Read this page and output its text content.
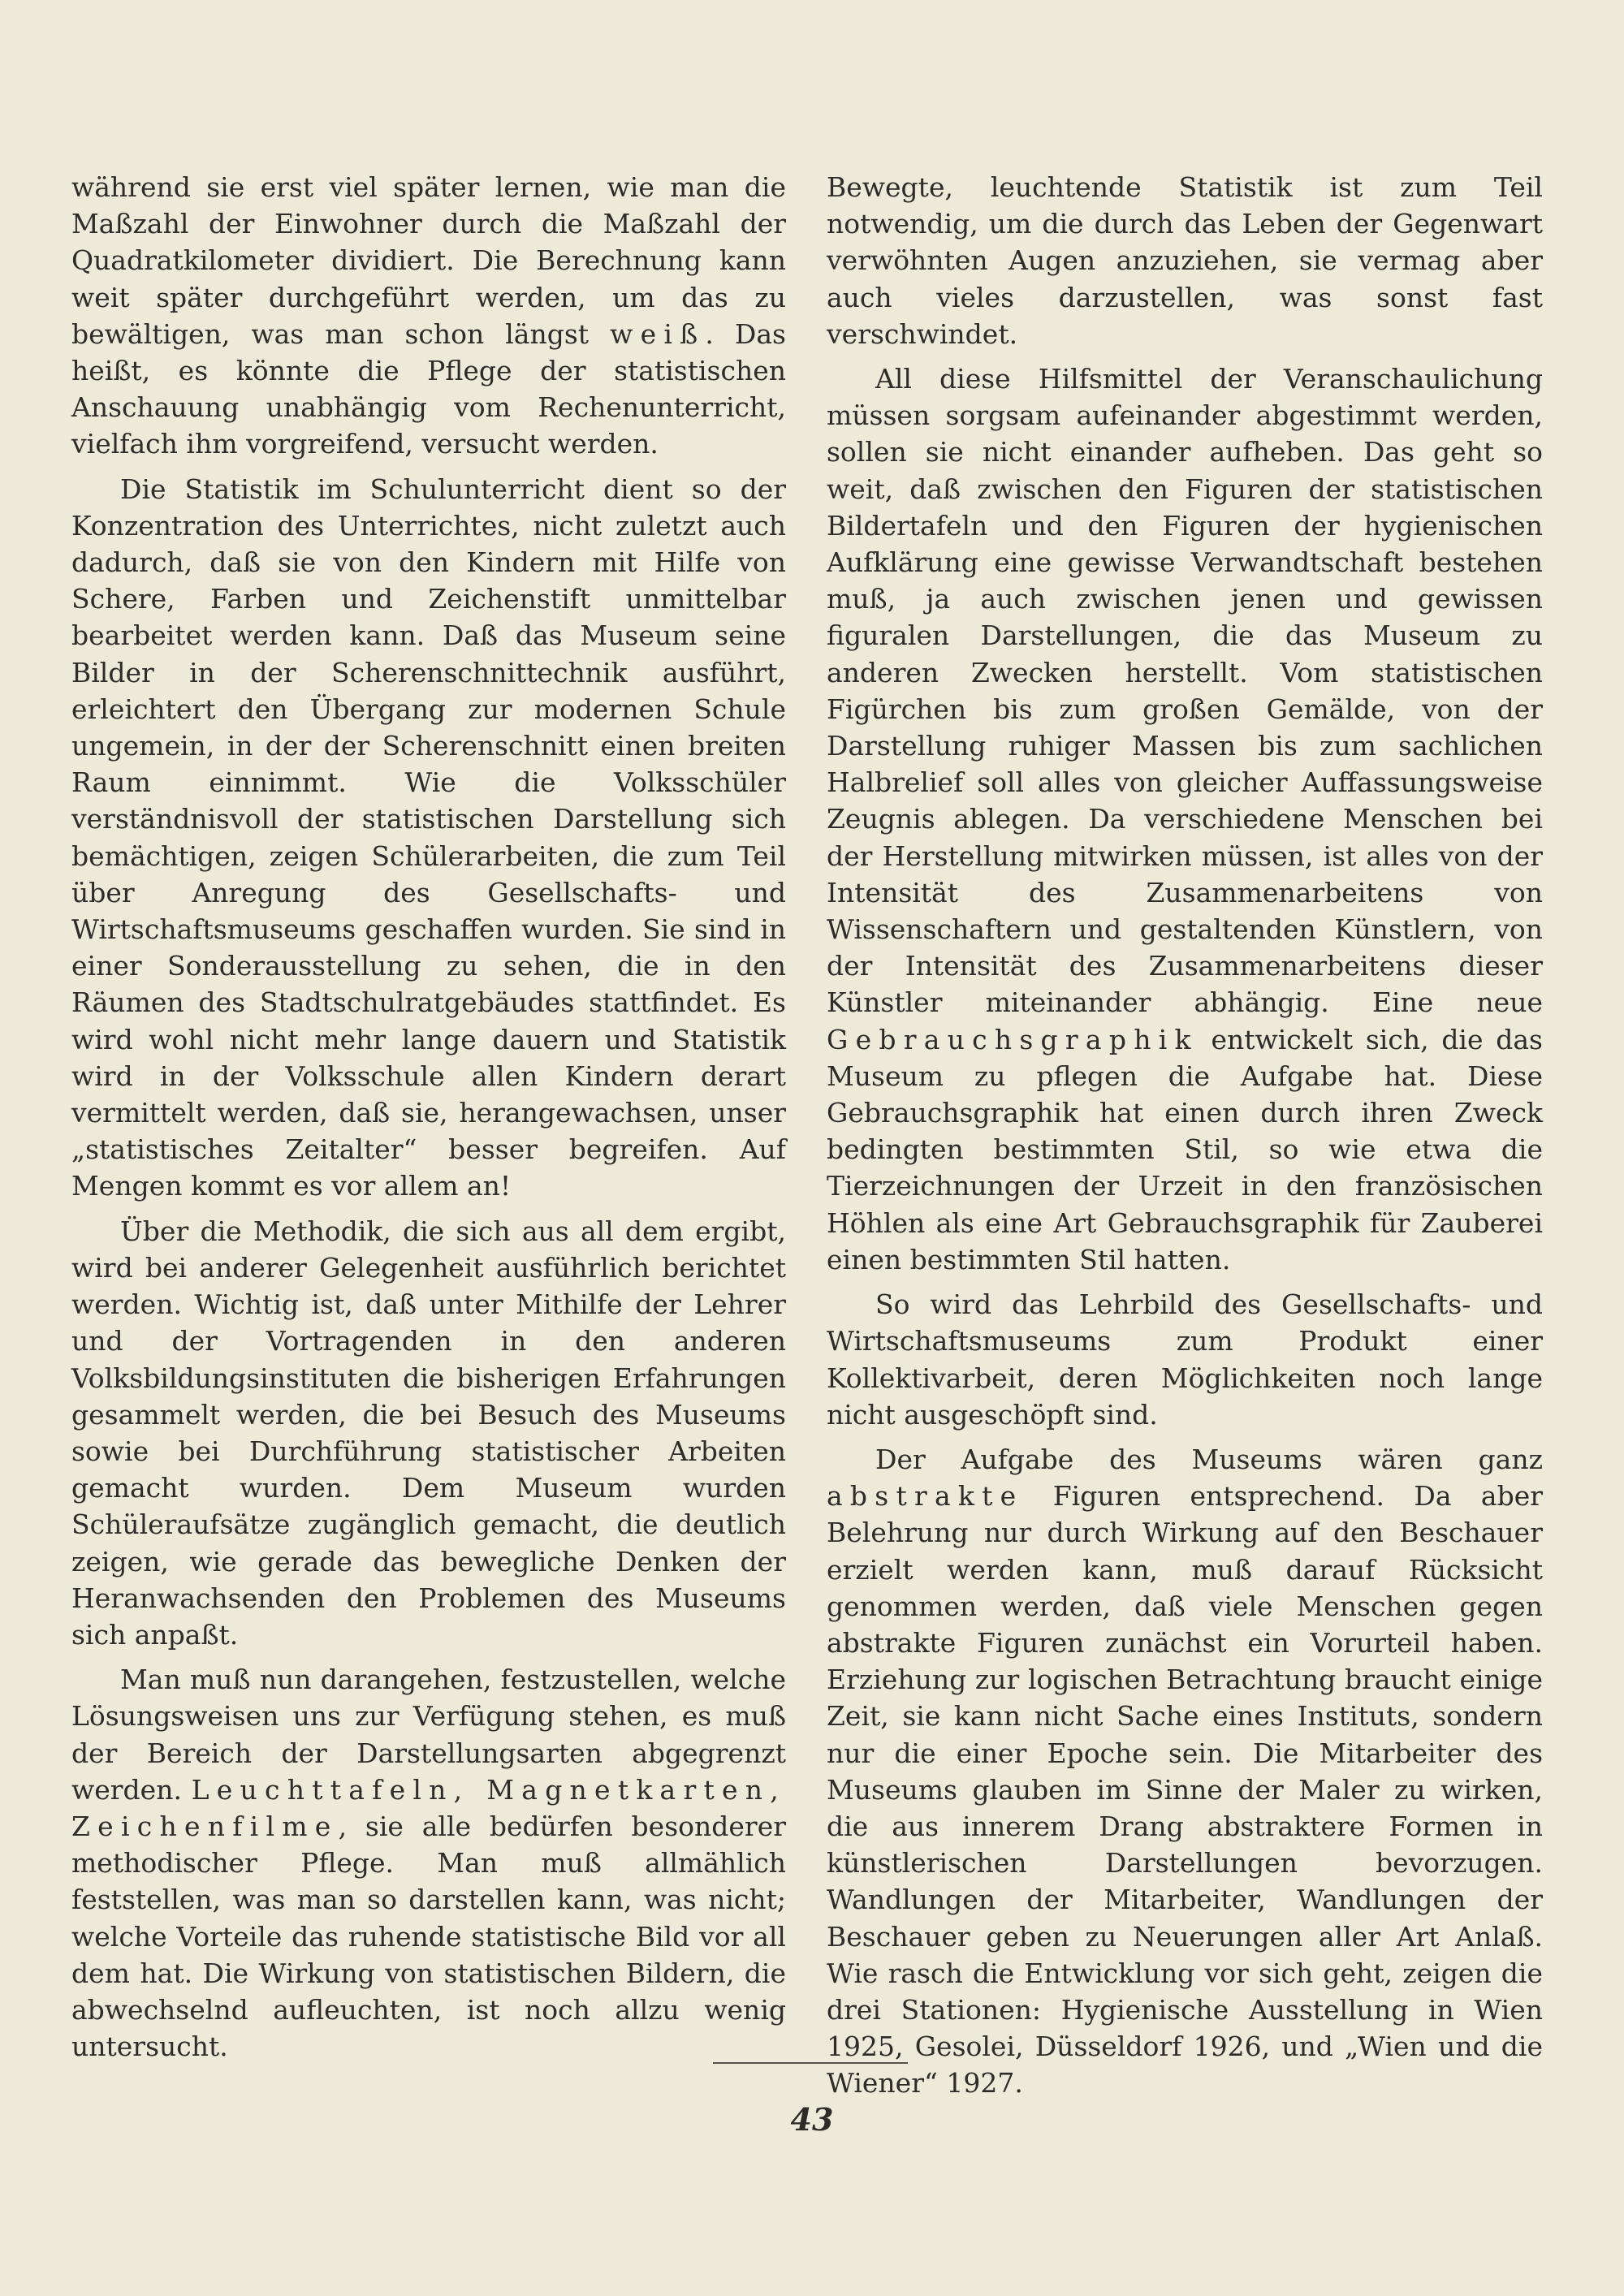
während sie erst viel später lernen, wie man die Maßzahl der Einwohner durch die Maßzahl der Quadratkilometer dividiert. Die Berechnung kann weit später durchgeführt werden, um das zu bewältigen, was man schon längst weiß. Das heißt, es könnte die Pflege der statistischen Anschauung unabhängig vom Rechenunterricht, vielfach ihm vorgreifend, versucht werden.

Die Statistik im Schulunterricht dient so der Konzentration des Unterrichtes, nicht zuletzt auch dadurch, daß sie von den Kindern mit Hilfe von Schere, Farben und Zeichenstift unmittelbar bearbeitet werden kann. Daß das Museum seine Bilder in der Scherenschnittechnik ausführt, erleichtert den Übergang zur modernen Schule ungemein, in der der Scherenschnitt einen breiten Raum einnimmt. Wie die Volksschüler verständnisvoll der statistischen Darstellung sich bemächtigen, zeigen Schülerarbeiten, die zum Teil über Anregung des Gesellschafts- und Wirtschaftsmuseums geschaffen wurden. Sie sind in einer Sonderausstellung zu sehen, die in den Räumen des Stadtschulratgebäudes stattfindet. Es wird wohl nicht mehr lange dauern und Statistik wird in der Volksschule allen Kindern derart vermittelt werden, daß sie, herangewachsen, unser „statistisches Zeitalter“ besser begreifen. Auf Mengen kommt es vor allem an!

Über die Methodik, die sich aus all dem ergibt, wird bei anderer Gelegenheit ausführlich berichtet werden. Wichtig ist, daß unter Mithilfe der Lehrer und der Vortragenden in den anderen Volksbildungsinstituten die bisherigen Erfahrungen gesammelt werden, die bei Besuch des Museums sowie bei Durchführung statistischer Arbeiten gemacht wurden. Dem Museum wurden Schüleraufsätze zugänglich gemacht, die deutlich zeigen, wie gerade das bewegliche Denken der Heranwachsenden den Problemen des Museums sich anpaßt.

Man muß nun darangehen, festzustellen, welche Lösungsweisen uns zur Verfügung stehen, es muß der Bereich der Darstellungsarten abgegrenzt werden. Leuchttafeln, Magnetkarten, Zeichenfilme, sie alle bedürfen besonderer methodischer Pflege. Man muß allmählich feststellen, was man so darstellen kann, was nicht; welche Vorteile das ruhende statistische Bild vor all dem hat. Die Wirkung von statistischen Bildern, die abwechselnd aufleuchten, ist noch allzu wenig untersucht.

Bewegte, leuchtende Statistik ist zum Teil notwendig, um die durch das Leben der Gegenwart verwöhnten Augen anzuziehen, sie vermag aber auch vieles darzustellen, was sonst fast verschwindet.

All diese Hilfsmittel der Veranschaulichung müssen sorgsam aufeinander abgestimmt werden, sollen sie nicht einander aufheben. Das geht so weit, daß zwischen den Figuren der statistischen Bildertafeln und den Figuren der hygienischen Aufklärung eine gewisse Verwandtschaft bestehen muß, ja auch zwischen jenen und gewissen figuralen Darstellungen, die das Museum zu anderen Zwecken herstellt. Vom statistischen Figürchen bis zum großen Gemälde, von der Darstellung ruhiger Massen bis zum sachlichen Halbrelief soll alles von gleicher Auffassungsweise Zeugnis ablegen. Da verschiedene Menschen bei der Herstellung mitwirken müssen, ist alles von der Intensität des Zusammenarbeitens von Wissenschaftern und gestaltenden Künstlern, von der Intensität des Zusammenarbeitens dieser Künstler miteinander abhängig. Eine neue Gebrauchsgraphik entwickelt sich, die das Museum zu pflegen die Aufgabe hat. Diese Gebrauchsgraphik hat einen durch ihren Zweck bedingten bestimmten Stil, so wie etwa die Tierzeichnungen der Urzeit in den französischen Höhlen als eine Art Gebrauchsgraphik für Zauberei einen bestimmten Stil hatten.

So wird das Lehrbild des Gesellschafts- und Wirtschaftsmuseums zum Produkt einer Kollektivarbeit, deren Möglichkeiten noch lange nicht ausgeschöpft sind.

Der Aufgabe des Museums wären ganz abstrakte Figuren entsprechend. Da aber Belehrung nur durch Wirkung auf den Beschauer erzielt werden kann, muß darauf Rücksicht genommen werden, daß viele Menschen gegen abstrakte Figuren zunächst ein Vorurteil haben. Erziehung zur logischen Betrachtung braucht einige Zeit, sie kann nicht Sache eines Instituts, sondern nur die einer Epoche sein. Die Mitarbeiter des Museums glauben im Sinne der Maler zu wirken, die aus innerem Drang abstraktere Formen in künstlerischen Darstellungen bevorzugen. Wandlungen der Mitarbeiter, Wandlungen der Beschauer geben zu Neuerungen aller Art Anlaß. Wie rasch die Entwicklung vor sich geht, zeigen die drei Stationen: Hygienische Ausstellung in Wien 1925, Gesolei, Düsseldorf 1926, und „Wien und die Wiener“ 1927.

43
